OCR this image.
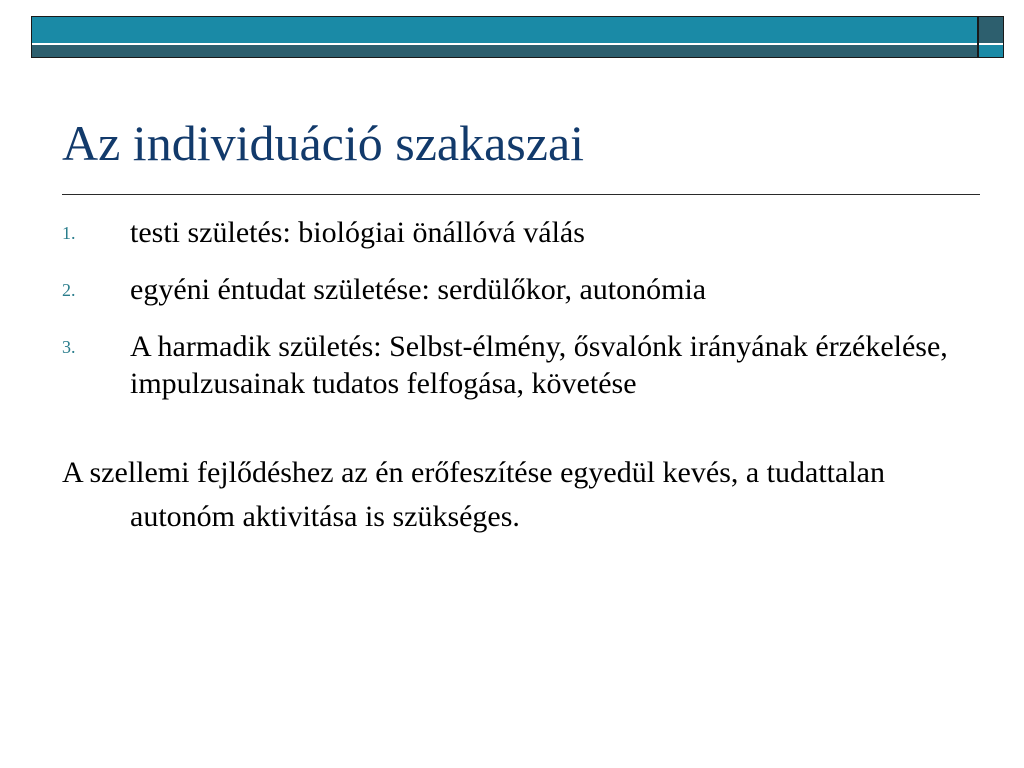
Az individuáció szakaszai
1. testi születés: biológiai önállóvá válás
2. egyéni éntudat születése: serdülőkor, autonómia
3. A harmadik születés: Selbst-élmény, ősvalónk irányának érzékelése, impulzusainak tudatos felfogása, követése

A szellemi fejlődéshez az én erőfeszítése egyedül kevés, a tudattalan autonóm aktivitása is szükséges.
